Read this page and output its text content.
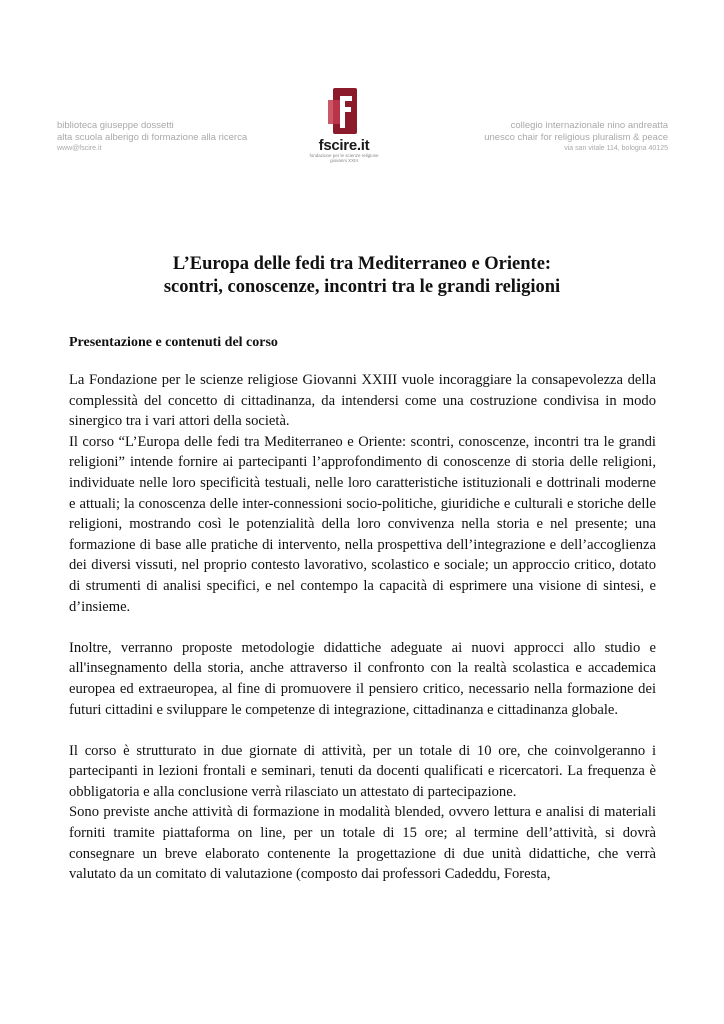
biblioteca giuseppe dossetti
alta scuola alberigo di formazione alla ricerca
www@fscire.it	fscire.it
fondazione per le scienze religiose giovanni XXIII
collegio internazionale nino andreatta
unesco chair for religious pluralism & peace
via san vitale 114, bologna 40125
L’Europa delle fedi tra Mediterraneo e Oriente:
scontri, conoscenze, incontri tra le grandi religioni
Presentazione e contenuti del corso

La Fondazione per le scienze religiose Giovanni XXIII vuole incoraggiare la consapevolezza della complessità del concetto di cittadinanza, da intendersi come una costruzione condivisa in modo sinergico tra i vari attori della società.

Il corso “L’Europa delle fedi tra Mediterraneo e Oriente: scontri, conoscenze, incontri tra le grandi religioni” intende fornire ai partecipanti l’approfondimento di conoscenze di storia delle religioni, individuate nelle loro specificità testuali, nelle loro caratteristiche istituzionali e dottrinali moderne e attuali; la conoscenza delle inter-connessioni socio-politiche, giuridiche e culturali e storiche delle religioni, mostrando così le potenzialità della loro convivenza nella storia e nel presente; una formazione di base alle pratiche di intervento, nella prospettiva dell’integrazione e dell’accoglienza dei diversi vissuti, nel proprio contesto lavorativo, scolastico e sociale; un approccio critico, dotato di strumenti di analisi specifici, e nel contempo la capacità di esprimere una visione di sintesi, e d’insieme.

Inoltre, verranno proposte metodologie didattiche adeguate ai nuovi approcci allo studio e all'insegnamento della storia, anche attraverso il confronto con la realtà scolastica e accademica europea ed extraeuropea, al fine di promuovere il pensiero critico, necessario nella formazione dei futuri cittadini e sviluppare le competenze di integrazione, cittadinanza e cittadinanza globale.

Il corso è strutturato in due giornate di attività, per un totale di 10 ore, che coinvolgeranno i partecipanti in lezioni frontali e seminari, tenuti da docenti qualificati e ricercatori. La frequenza è obbligatoria e alla conclusione verrà rilasciato un attestato di partecipazione.

Sono previste anche attività di formazione in modalità blended, ovvero lettura e analisi di materiali forniti tramite piattaforma on line, per un totale di 15 ore; al termine dell’attività, si dovrà consegnare un breve elaborato contenente la progettazione di due unità didattiche, che verrà valutato da un comitato di valutazione (composto dai professori Cadeddu, Foresta,
